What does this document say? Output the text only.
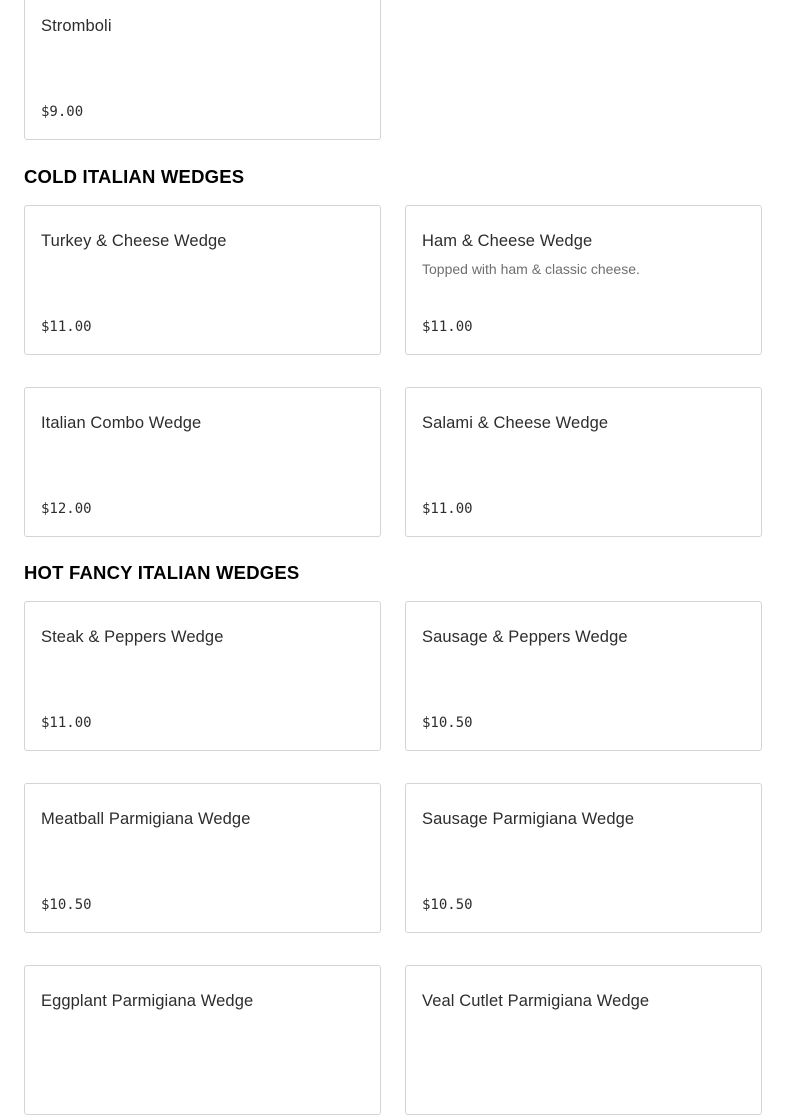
Stromboli
$9.00
COLD ITALIAN WEDGES
Turkey & Cheese Wedge
$11.00
Ham & Cheese Wedge
Topped with ham & classic cheese.
$11.00
Italian Combo Wedge
$12.00
Salami & Cheese Wedge
$11.00
HOT FANCY ITALIAN WEDGES
Steak & Peppers Wedge
$11.00
Sausage & Peppers Wedge
$10.50
Meatball Parmigiana Wedge
$10.50
Sausage Parmigiana Wedge
$10.50
Eggplant Parmigiana Wedge	Veal Cutlet Parmigiana Wedge
